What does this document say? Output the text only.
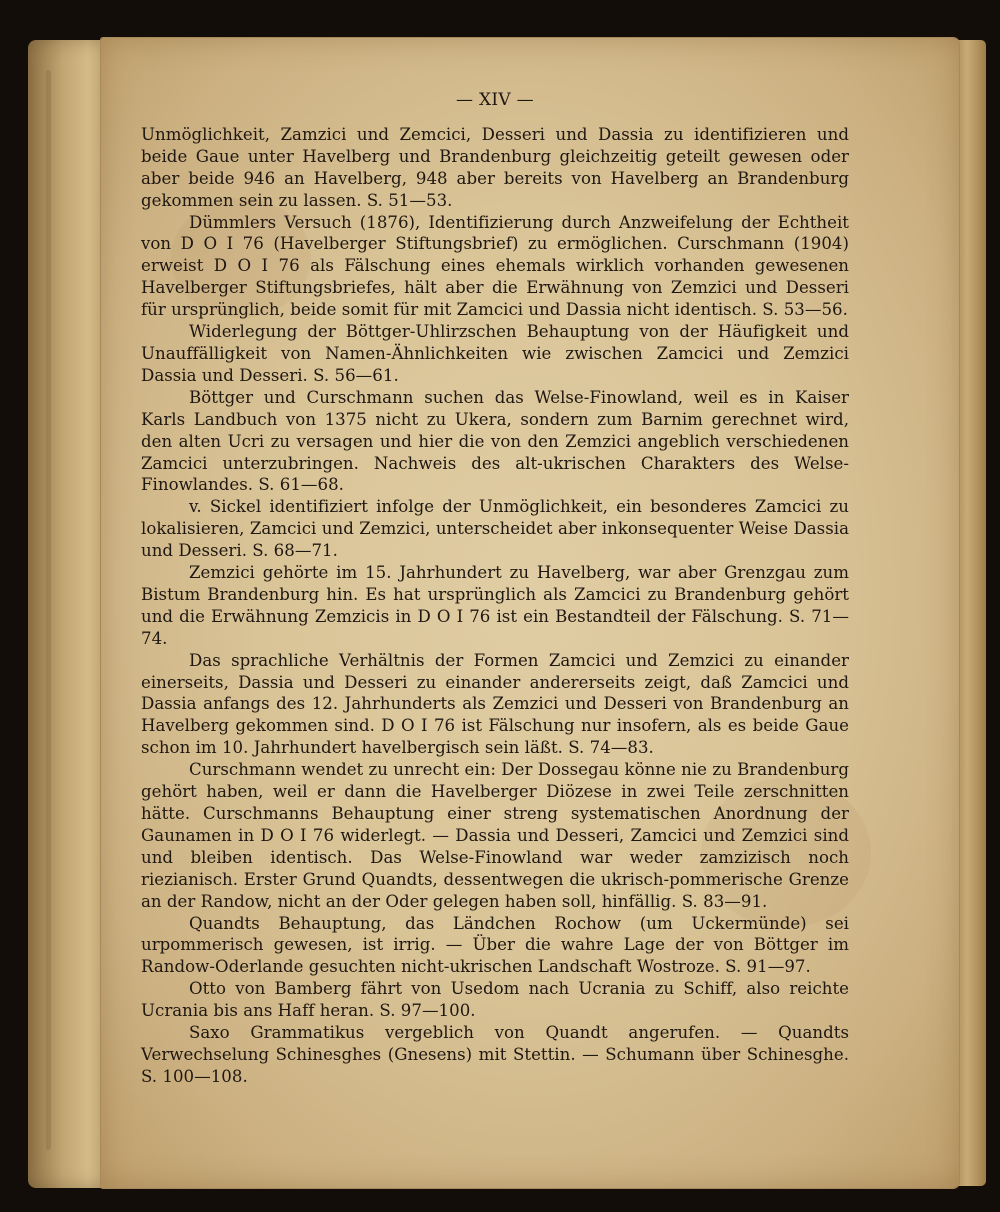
— XIV —

Unmöglichkeit, Zamzici und Zemcici, Desseri und Dassia zu identifizieren und beide Gaue unter Havelberg und Brandenburg gleichzeitig geteilt gewesen oder aber beide 946 an Havelberg, 948 aber bereits von Havelberg an Brandenburg gekommen sein zu lassen. S. 51—53.

Dümmlers Versuch (1876), Identifizierung durch Anzweifelung der Echtheit von D O I 76 (Havelberger Stiftungsbrief) zu ermöglichen. Curschmann (1904) erweist D O I 76 als Fälschung eines ehemals wirklich vorhanden gewesenen Havelberger Stiftungsbriefes, hält aber die Erwähnung von Zemzici und Desseri für ursprünglich, beide somit für mit Zamcici und Dassia nicht identisch. S. 53—56.

Widerlegung der Böttger-Uhlirzschen Behauptung von der Häufigkeit und Unauffälligkeit von Namen-Ähnlichkeiten wie zwischen Zamcici und Zemzici Dassia und Desseri. S. 56—61.

Böttger und Curschmann suchen das Welse-Finowland, weil es in Kaiser Karls Landbuch von 1375 nicht zu Ukera, sondern zum Barnim gerechnet wird, den alten Ucri zu versagen und hier die von den Zemzici angeblich verschiedenen Zamcici unterzubringen. Nachweis des alt-ukrischen Charakters des Welse-Finowlandes. S. 61—68.

v. Sickel identifiziert infolge der Unmöglichkeit, ein besonderes Zamcici zu lokalisieren, Zamcici und Zemzici, unterscheidet aber inkonsequenter Weise Dassia und Desseri. S. 68—71.

Zemzici gehörte im 15. Jahrhundert zu Havelberg, war aber Grenzgau zum Bistum Brandenburg hin. Es hat ursprünglich als Zamcici zu Brandenburg gehört und die Erwähnung Zemzicis in D O I 76 ist ein Bestandteil der Fälschung. S. 71—74.

Das sprachliche Verhältnis der Formen Zamcici und Zemzici zu einander einerseits, Dassia und Desseri zu einander andererseits zeigt, daß Zamcici und Dassia anfangs des 12. Jahrhunderts als Zemzici und Desseri von Brandenburg an Havelberg gekommen sind. D O I 76 ist Fälschung nur insofern, als es beide Gaue schon im 10. Jahrhundert havelbergisch sein läßt. S. 74—83.

Curschmann wendet zu unrecht ein: Der Dossegau könne nie zu Brandenburg gehört haben, weil er dann die Havelberger Diözese in zwei Teile zerschnitten hätte. Curschmanns Behauptung einer streng systematischen Anordnung der Gaunamen in D O I 76 widerlegt. — Dassia und Desseri, Zamcici und Zemzici sind und bleiben identisch. Das Welse-Finowland war weder zamzizisch noch riezianisch. Erster Grund Quandts, dessentwegen die ukrisch-pommerische Grenze an der Randow, nicht an der Oder gelegen haben soll, hinfällig. S. 83—91.

Quandts Behauptung, das Ländchen Rochow (um Uckermünde) sei urpommerisch gewesen, ist irrig. — Über die wahre Lage der von Böttger im Randow-Oderlande gesuchten nicht-ukrischen Landschaft Wostroze. S. 91—97.

Otto von Bamberg fährt von Usedom nach Ucrania zu Schiff, also reichte Ucrania bis ans Haff heran. S. 97—100.

Saxo Grammatikus vergeblich von Quandt angerufen. — Quandts Verwechselung Schinesghes (Gnesens) mit Stettin. — Schumann über Schinesghe. S. 100—108.
